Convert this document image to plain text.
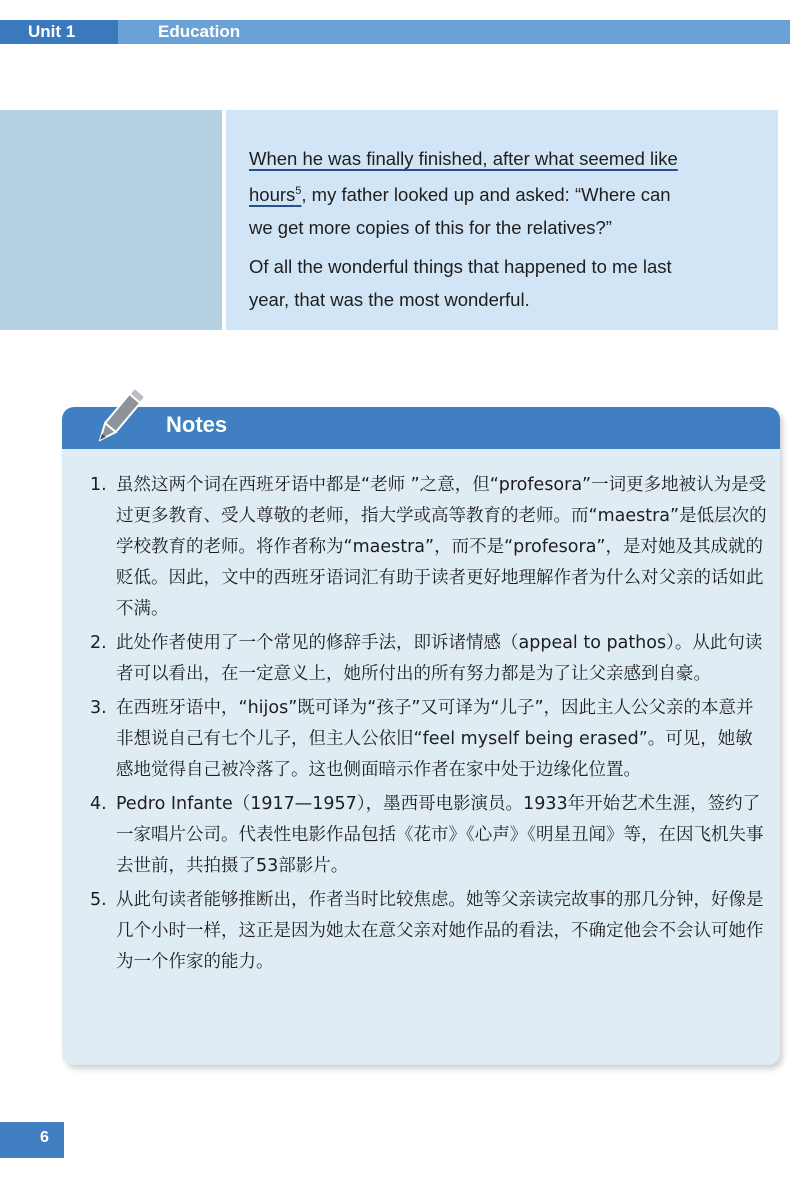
Unit 1	Education

When he was finally finished, after what seemed like
hours$^5$, my father looked up and asked: “Where can
we get more copies of this for the relatives?”

Of all the wonderful things that happened to me last
year, that was the most wonderful.

Notes
1. 虽然这两个词在西班牙语中都是“老师 ”之意，但“profesora”一词更多地被认为是受过更多教育、受人尊敬的老师，指大学或高等教育的老师。而“maestra”是低层次的学校教育的老师。将作者称为“maestra”，而不是“profesora”，是对她及其成就的贬低。因此，文中的西班牙语词汇有助于读者更好地理解作者为什么对父亲的话如此不满。
2. 此处作者使用了一个常见的修辞手法，即诉诸情感（appeal to pathos）。从此句读者可以看出，在一定意义上，她所付出的所有努力都是为了让父亲感到自豪。
3. 在西班牙语中，“hijos”既可译为“孩子”又可译为“儿子”，因此主人公父亲的本意并非想说自己有七个儿子，但主人公依旧“feel myself being erased”。可见，她敏感地觉得自己被冷落了。这也侧面暗示作者在家中处于边缘化位置。
4. Pedro Infante（1917—1957），墨西哥电影演员。1933年开始艺术生涯，签约了一家唱片公司。代表性电影作品包括《花市》《心声》《明星丑闻》等，在因飞机失事去世前，共拍摄了53部影片。
5. 从此句读者能够推断出，作者当时比较焦虑。她等父亲读完故事的那几分钟，好像是几个小时一样，这正是因为她太在意父亲对她作品的看法，不确定他会不会认可她作为一个作家的能力。
6
